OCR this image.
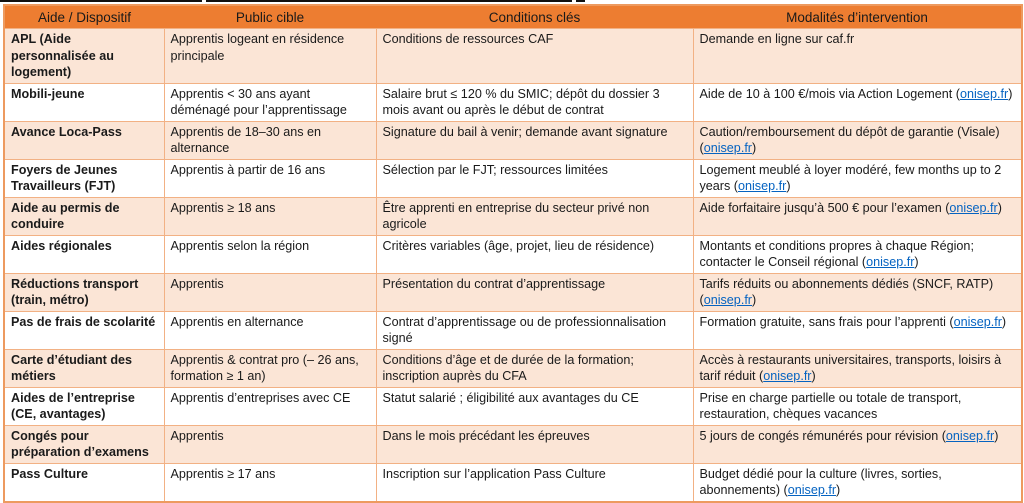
Aide / Dispositif	Public cible	Conditions clés	Modalités d’intervention
APL (Aide personnalisée au logement)	Apprentis logeant en résidence principale	Conditions de ressources CAF	Demande en ligne sur caf.fr
Mobili-jeune	Apprentis < 30 ans ayant déménagé pour l’apprentissage	Salaire brut ≤ 120 % du SMIC; dépôt du dossier 3 mois avant ou après le début de contrat	Aide de 10 à 100 €/mois via Action Logement (onisep.fr)
Avance Loca-Pass	Apprentis de 18–30 ans en alternance	Signature du bail à venir; demande avant signature	Caution/remboursement du dépôt de garantie (Visale) (onisep.fr)
Foyers de Jeunes Travailleurs (FJT)	Apprentis à partir de 16 ans	Sélection par le FJT; ressources limitées	Logement meublé à loyer modéré, few months up to 2 years (onisep.fr)
Aide au permis de conduire	Apprentis ≥ 18 ans	Être apprenti en entreprise du secteur privé non agricole	Aide forfaitaire jusqu’à 500 € pour l’examen (onisep.fr)
Aides régionales	Apprentis selon la région	Critères variables (âge, projet, lieu de résidence)	Montants et conditions propres à chaque Région; contacter le Conseil régional (onisep.fr)
Réductions transport (train, métro)	Apprentis	Présentation du contrat d’apprentissage	Tarifs réduits ou abonnements dédiés (SNCF, RATP) (onisep.fr)
Pas de frais de scolarité	Apprentis en alternance	Contrat d’apprentissage ou de professionnalisation signé	Formation gratuite, sans frais pour l’apprenti (onisep.fr)
Carte d’étudiant des métiers	Apprentis & contrat pro (– 26 ans, formation ≥ 1 an)	Conditions d’âge et de durée de la formation; inscription auprès du CFA	Accès à restaurants universitaires, transports, loisirs à tarif réduit (onisep.fr)
Aides de l’entreprise (CE, avantages)	Apprentis d’entreprises avec CE	Statut salarié ; éligibilité aux avantages du CE	Prise en charge partielle ou totale de transport, restauration, chèques vacances
Congés pour préparation d’examens	Apprentis	Dans le mois précédant les épreuves	5 jours de congés rémunérés pour révision (onisep.fr)
Pass Culture	Apprentis ≥ 17 ans	Inscription sur l’application Pass Culture	Budget dédié pour la culture (livres, sorties, abonnements) (onisep.fr)
